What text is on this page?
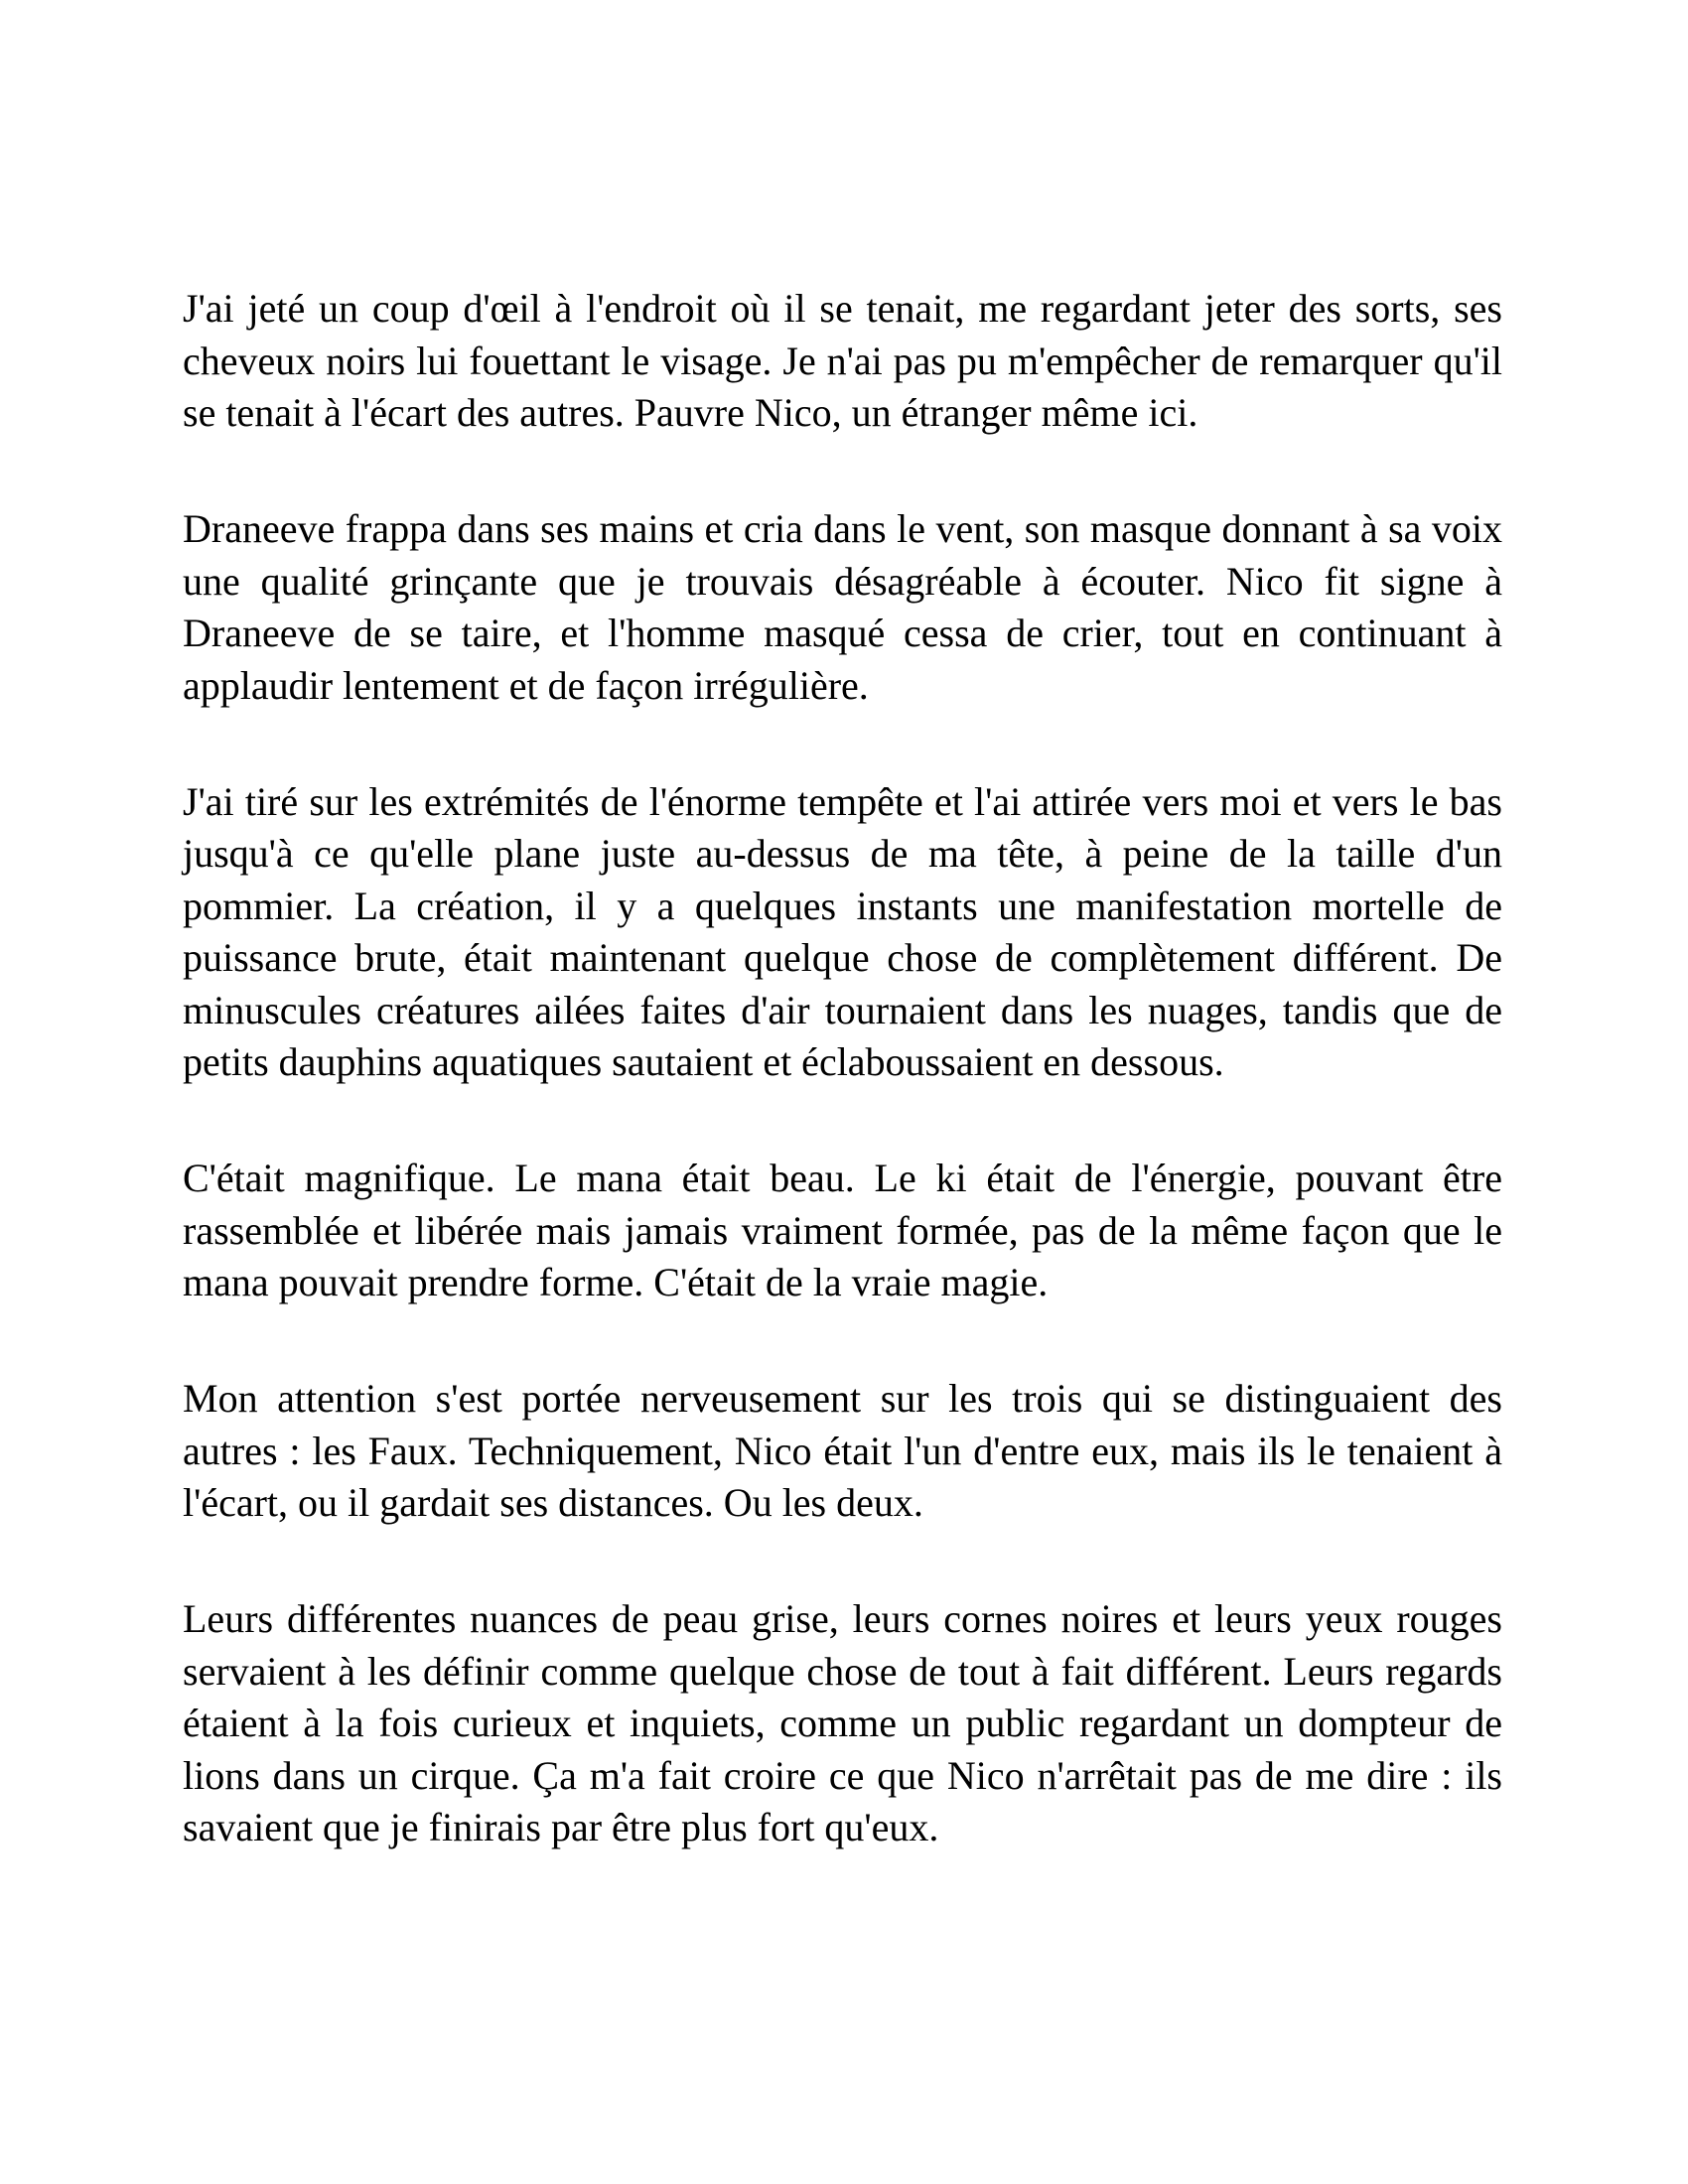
J'ai jeté un coup d'œil à l'endroit où il se tenait, me regardant jeter des sorts, ses cheveux noirs lui fouettant le visage. Je n'ai pas pu m'empêcher de remarquer qu'il se tenait à l'écart des autres. Pauvre Nico, un étranger même ici.

Draneeve frappa dans ses mains et cria dans le vent, son masque donnant à sa voix une qualité grinçante que je trouvais désagréable à écouter. Nico fit signe à Draneeve de se taire, et l'homme masqué cessa de crier, tout en continuant à applaudir lentement et de façon irrégulière.

J'ai tiré sur les extrémités de l'énorme tempête et l'ai attirée vers moi et vers le bas jusqu'à ce qu'elle plane juste au-dessus de ma tête, à peine de la taille d'un pommier. La création, il y a quelques instants une manifestation mortelle de puissance brute, était maintenant quelque chose de complètement différent. De minuscules créatures ailées faites d'air tournaient dans les nuages, tandis que de petits dauphins aquatiques sautaient et éclaboussaient en dessous.

C'était magnifique. Le mana était beau. Le ki était de l'énergie, pouvant être rassemblée et libérée mais jamais vraiment formée, pas de la même façon que le mana pouvait prendre forme. C'était de la vraie magie.

Mon attention s'est portée nerveusement sur les trois qui se distinguaient des autres : les Faux. Techniquement, Nico était l'un d'entre eux, mais ils le tenaient à l'écart, ou il gardait ses distances. Ou les deux.

Leurs différentes nuances de peau grise, leurs cornes noires et leurs yeux rouges servaient à les définir comme quelque chose de tout à fait différent. Leurs regards étaient à la fois curieux et inquiets, comme un public regardant un dompteur de lions dans un cirque. Ça m'a fait croire ce que Nico n'arrêtait pas de me dire : ils savaient que je finirais par être plus fort qu'eux.
